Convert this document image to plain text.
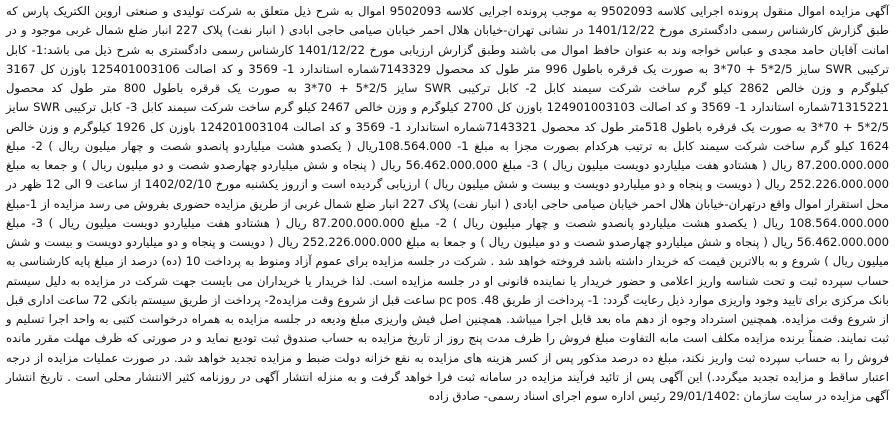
آگهی مزایده اموال منقول پرونده اجرایی کلاسه 9502093 به موجب پرونده اجرایی کلاسه 9502093 اموال به شرح ذیل متعلق به شرکت تولیدی و صنعتی اروین الکتریک پارس که طبق گزارش کارشناس رسمی دادگستری مورخ 1401/12/22 در نشانی تهران-خیابان هلال احمر خیابان صیامی حاجی ابادی ( انبار نفت) پلاک 227 انبار ضلع شمال غربی موجود و در امانت آقایان حامد مجدی و عباس خواجه وند به عنوان حافظ اموال می باشند وطبق گزارش ارزیابی مورخ 1401/12/22 کارشناس رسمی دادگستری به شرح ذیل می باشد:1- کابل ترکیبی SWR سایز 2/5*5 + 70*3 به صورت یک قرقره باطول 996 متر طول کد محصول 7143329شماره استاندارد 1- 3569 و کد اصالت 125401003106 باوزن کل 3167 کیلوگرم و وزن خالص 2862 کیلو گرم ساخت شرکت سیمند کابل 2- کابل ترکیبی SWR سایز 2/5*5 + 70*3 به صورت یک قرقره باطول 800 متر طول کد محصول 71315221شماره استاندارد 1- 3569 و کد اصالت 124901003103 باوزن کل 2700 کیلوگرم و وزن خالص 2467 کیلو گرم ساخت شرکت سیمند کابل 3- کابل ترکیبی SWR سایز 2/5*5 + 70*3 به صورت یک قرقره باطول 518متر طول کد محصول 7143321شماره استاندارد 1- 3569 و کد اصالت 124201003104 باوزن کل 1926 کیلوگرم و وزن خالص 1624 کیلو گرم ساخت شرکت سیمند کابل به ترتیب هرکدام بصورت مجزا به مبلغ 1- 108.564.000ریال ( یکصدو هشت میلیاردو پانصدو شصت و چهار میلیون ریال ) 2- مبلغ 87.200.000.000 ریال ( هشتادو هفت میلیاردو دویست میلیون ریال ) 3- مبلغ 56.462.000.000 ریال ( پنجاه و شش میلیاردو چهارصدو شصت و دو میلیون ریال ) و جمعا به مبلغ 252.226.000.000 ریال ( دویست و پنجاه و دو میلیاردو دویست و بیست و شش میلیون ریال ) ارزیابی گردیده است و ازروز یکشنبه مورخ 1402/02/10 از ساعت 9 الی 12 ظهر در محل استقرار اموال واقع درتهران-خیابان هلال احمر خیابان صیامی حاجی ابادی ( انبار نفت) پلاک 227 انبار ضلع شمال غربی از طریق مزایده حضوری بفروش می رسد مزایده از 1-مبلغ 108.564.000.000 ریال ( یکصدو هشت میلیاردو پانصدو شصت و چهار میلیون ریال ) 2- مبلغ 87.200.000.000 ریال ( هشتادو هفت میلیاردو دویست میلیون ریال ) 3- مبلغ 56.462.000.000 ریال ( پنجاه و شش میلیاردو چهارصدو شصت و دو میلیون ریال ) و جمعا به مبلغ 252.226.000.000 ریال ( دویست و پنجاه و دو میلیاردو دویست و بیست و شش میلیون ریال ) شروع و به بالاترین قیمت که خریدار داشته باشد فروخته خواهد شد . شرکت در جلسه مزایده برای عموم آزاد ومنوط به پرداخت 10 (ده) درصد از مبلغ پایه کارشناسی به حساب سپرده ثبت و تحت شناسه واریز اعلامی و حضور خریدار یا نماینده قانونی او در جلسه مزایده است. لذا خریدار یا خریداران می بایست جهت شرکت در مزایده به دلیل سیستم بانک مرکزی برای تایید وجود واریزی موارد ذیل رعایت گردد: 1- پرداخت از طریق pc pos .48 ساعت قبل از شروع وقت مزایده2- پرداخت از طریق سیستم بانکی 72 ساعت اداری قبل از شروع وقت مزایده. همچنین استرداد وجوه از دهم ماه بعد قابل اجرا میباشد. همچنین اصل فیش واریزی مبلغ ودیعه در جلسه مزایده به همراه درخواست کتبی به واحد اجرا تسلیم و ثبت نمایند. ضمناً برنده مزایده مکلف است مابه التفاوت مبلغ فروش را ظرف مدت پنج روز از تاریخ مزایده به حساب صندوق ثبت تودیع نماید و در صورتی که ظرف مهلت مقرر مانده فروش را به حساب سپرده ثبت واریز نکند، مبلغ ده درصد مذکور پس از کسر هزینه های مزایده به نفع خزانه دولت ضبط و مزایده تجدید خواهد شد. در صورت عملیات مزایده از درجه اعتبار ساقط و مزایده تجدید میگردد.) این آگهی پس از تائید فرآیند مزایده در سامانه ثبت فرا خواهد گرفت و به منزله انتشار آگهی در روزنامه کثیر الانتشار محلی است . تاریخ انتشار آگهی مزایده در سایت سازمان :29/01/1402 رئیس اداره سوم اجرای اسناد رسمی- صادق زاده
